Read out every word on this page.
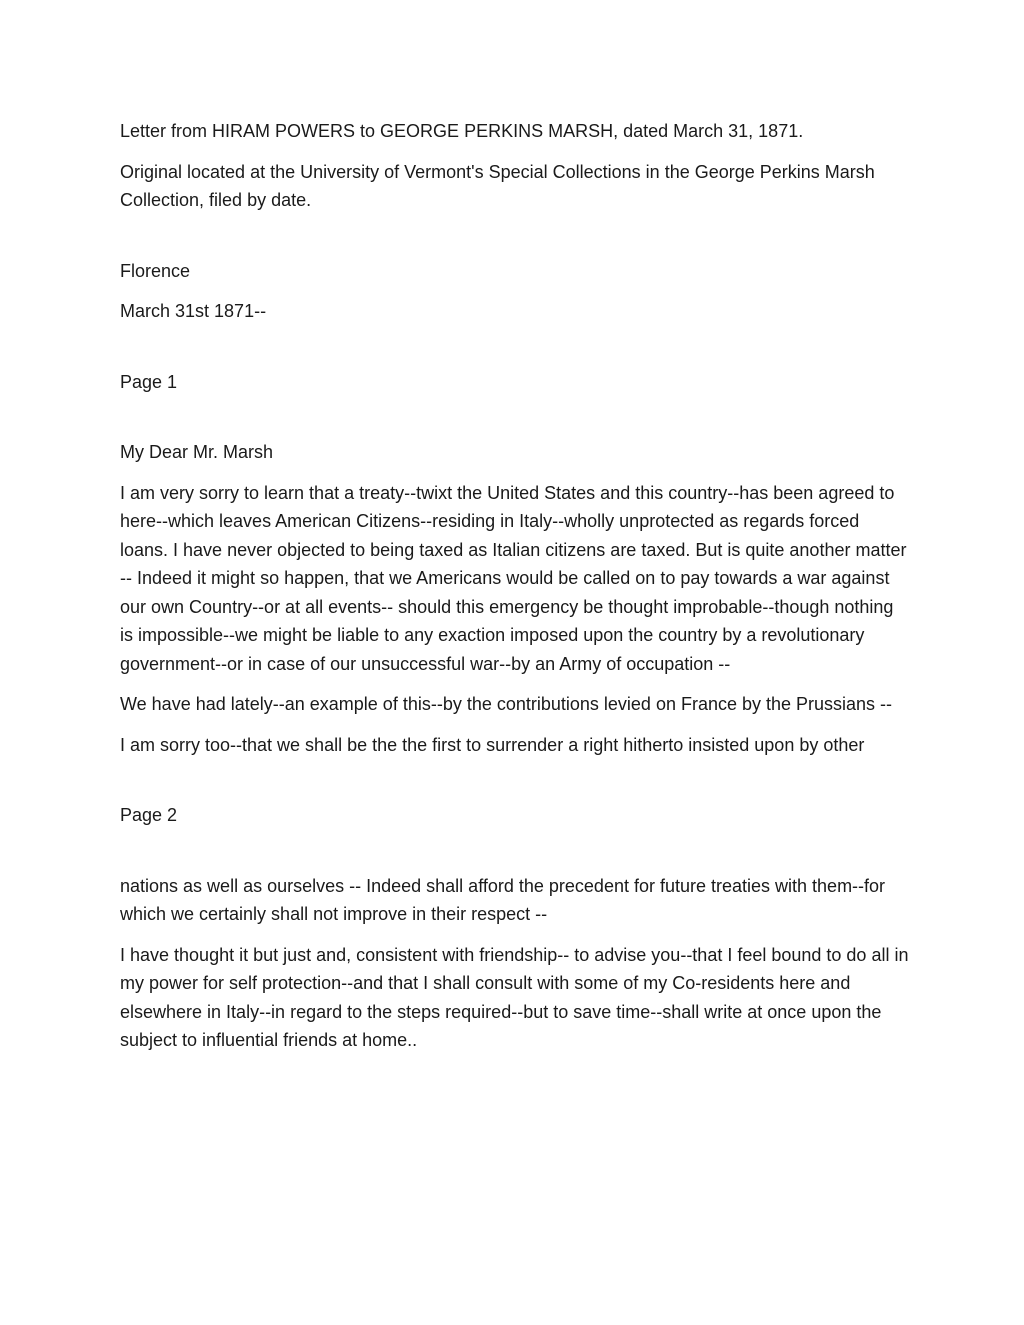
Letter from HIRAM POWERS to GEORGE PERKINS MARSH, dated March 31, 1871.

Original located at the University of Vermont's Special Collections in the George Perkins Marsh Collection, filed by date.

Florence

March 31st 1871--

Page 1

My Dear Mr. Marsh

I am very sorry to learn that a treaty--twixt the United States and this country--has been agreed to here--which leaves American Citizens--residing in Italy--wholly unprotected as regards forced loans. I have never objected to being taxed as Italian citizens are taxed. But is quite another matter -- Indeed it might so happen, that we Americans would be called on to pay towards a war against our own Country--or at all events-- should this emergency be thought improbable--though nothing is impossible--we might be liable to any exaction imposed upon the country by a revolutionary government--or in case of our unsuccessful war--by an Army of occupation --

We have had lately--an example of this--by the contributions levied on France by the Prussians --

I am sorry too--that we shall be the the first to surrender a right hitherto insisted upon by other

Page 2

nations as well as ourselves -- Indeed shall afford the precedent for future treaties with them--for which we certainly shall not improve in their respect --

I have thought it but just and, consistent with friendship-- to advise you--that I feel bound to do all in my power for self protection--and that I shall consult with some of my Co-residents here and elsewhere in Italy--in regard to the steps required--but to save time--shall write at once upon the subject to influential friends at home..
